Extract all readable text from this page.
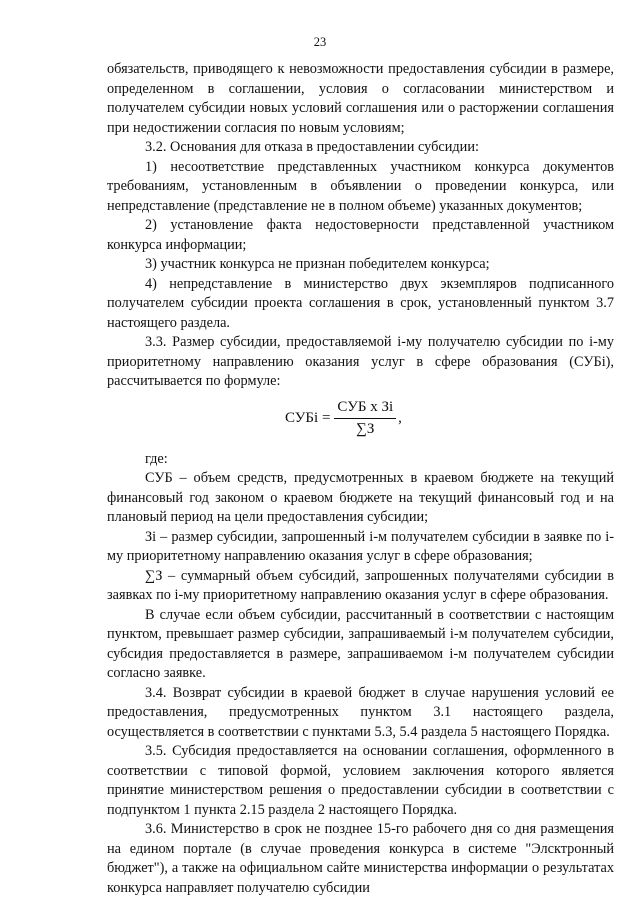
23

обязательств, приводящего к невозможности предоставления субсидии в размере, определенном в соглашении, условия о согласовании министерством и получателем субсидии новых условий соглашения или о расторжении соглашения при недостижении согласия по новым условиям;

3.2. Основания для отказа в предоставлении субсидии:

1) несоответствие представленных участником конкурса документов требованиям, установленным в объявлении о проведении конкурса, или непредставление (представление не в полном объеме) указанных документов;

2) установление факта недостоверности представленной участником конкурса информации;

3) участник конкурса не признан победителем конкурса;

4) непредставление в министерство двух экземпляров подписанного получателем субсидии проекта соглашения в срок, установленный пунктом 3.7 настоящего раздела.

3.3. Размер субсидии, предоставляемой i-му получателю субсидии по i-му приоритетному направлению оказания услуг в сфере образования (СУБi), рассчитывается по формуле:

СУБi = $\frac{\text{СУБ х Зi}}{\sum З}$ ,

где:

СУБ – объем средств, предусмотренных в краевом бюджете на текущий финансовый год законом о краевом бюджете на текущий финансовый год и на плановый период на цели предоставления субсидии;

Зi – размер субсидии, запрошенный i-м получателем субсидии в заявке по i-му приоритетному направлению оказания услуг в сфере образования;

∑З – суммарный объем субсидий, запрошенных получателями субсидии в заявках по i-му приоритетному направлению оказания услуг в сфере образования.

В случае если объем субсидии, рассчитанный в соответствии с настоящим пунктом, превышает размер субсидии, запрашиваемый i-м получателем субсидии, субсидия предоставляется в размере, запрашиваемом i-м получателем субсидии согласно заявке.

3.4. Возврат субсидии в краевой бюджет в случае нарушения условий ее предоставления, предусмотренных пунктом 3.1 настоящего раздела, осуществляется в соответствии с пунктами 5.3, 5.4 раздела 5 настоящего Порядка.

3.5. Субсидия предоставляется на основании соглашения, оформленного в соответствии с типовой формой, условием заключения которого является принятие министерством решения о предоставлении субсидии в соответствии с подпунктом 1 пункта 2.15 раздела 2 настоящего Порядка.

3.6. Министерство в срок не позднее 15-го рабочего дня со дня размещения на едином портале (в случае проведения конкурса в системе "Элсктронный бюджет"), а также на официальном сайте министерства информации о результатах конкурса направляет получателю субсидии
